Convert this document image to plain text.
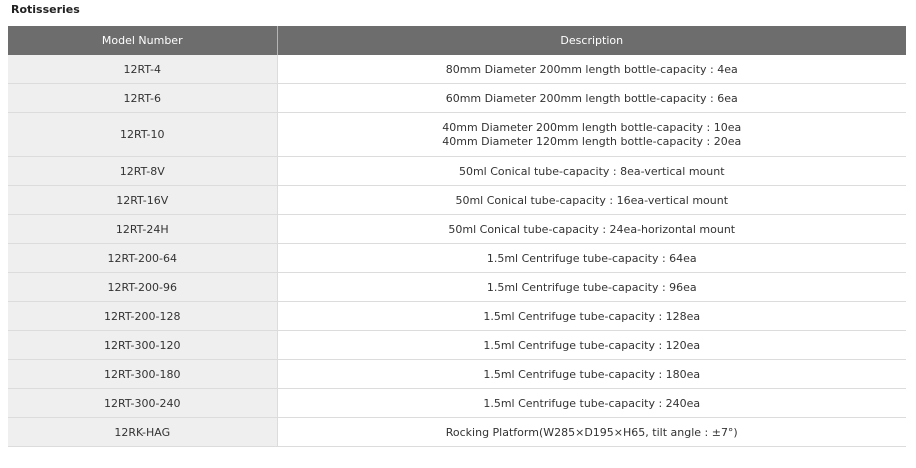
Rotisseries
Model Number	Description
12RT-4	80mm Diameter 200mm length bottle-capacity : 4ea

12RT-6	60mm Diameter 200mm length bottle-capacity : 6ea

12RT-10	40mm Diameter 200mm length bottle-capacity : 10ea
40mm Diameter 120mm length bottle-capacity : 20ea

12RT-8V	50ml Conical tube-capacity : 8ea-vertical mount

12RT-16V	50ml Conical tube-capacity : 16ea-vertical mount

12RT-24H	50ml Conical tube-capacity : 24ea-horizontal mount

12RT-200-64	1.5ml Centrifuge tube-capacity : 64ea

12RT-200-96	1.5ml Centrifuge tube-capacity : 96ea

12RT-200-128	1.5ml Centrifuge tube-capacity : 128ea

12RT-300-120	1.5ml Centrifuge tube-capacity : 120ea

12RT-300-180	1.5ml Centrifuge tube-capacity : 180ea

12RT-300-240	1.5ml Centrifuge tube-capacity : 240ea

12RK-HAG	Rocking Platform(W285×D195×H65, tilt angle : ±7°)
